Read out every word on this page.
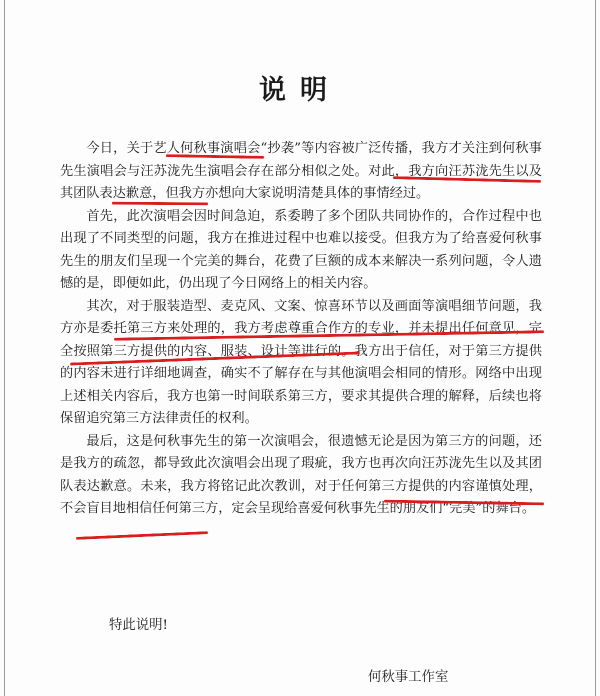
说明

今日，关于艺人何秋事演唱会“抄袭”等内容被广泛传播，我方才关注到何秋事先生演唱会与汪苏泷先生演唱会存在部分相似之处。对此，我方向汪苏泷先生以及其团队表达歉意，但我方亦想向大家说明清楚具体的事情经过。

首先，此次演唱会因时间急迫，系委聘了多个团队共同协作的，合作过程中也出现了不同类型的问题，我方在推进过程中也难以接受。但我方为了给喜爱何秋事先生的朋友们呈现一个完美的舞台，花费了巨额的成本来解决一系列问题，令人遗憾的是，即便如此，仍出现了今日网络上的相关内容。

其次，对于服装造型、麦克风、文案、惊喜环节以及画面等演唱细节问题，我方亦是委托第三方来处理的，我方考虑尊重合作方的专业，并未提出任何意见，完全按照第三方提供的内容、服装、设计等进行的。我方出于信任，对于第三方提供的内容未进行详细地调查，确实不了解存在与其他演唱会相同的情形。网络中出现上述相关内容后，我方也第一时间联系第三方，要求其提供合理的解释，后续也将保留追究第三方法律责任的权利。

最后，这是何秋事先生的第一次演唱会，很遗憾无论是因为第三方的问题，还是我方的疏忽，都导致此次演唱会出现了瑕疵，我方也再次向汪苏泷先生以及其团队表达歉意。未来，我方将铭记此次教训，对于任何第三方提供的内容谨慎处理，不会盲目地相信任何第三方，定会呈现给喜爱何秋事先生的朋友们“完美”的舞台。

特此说明!
何秋事工作室
